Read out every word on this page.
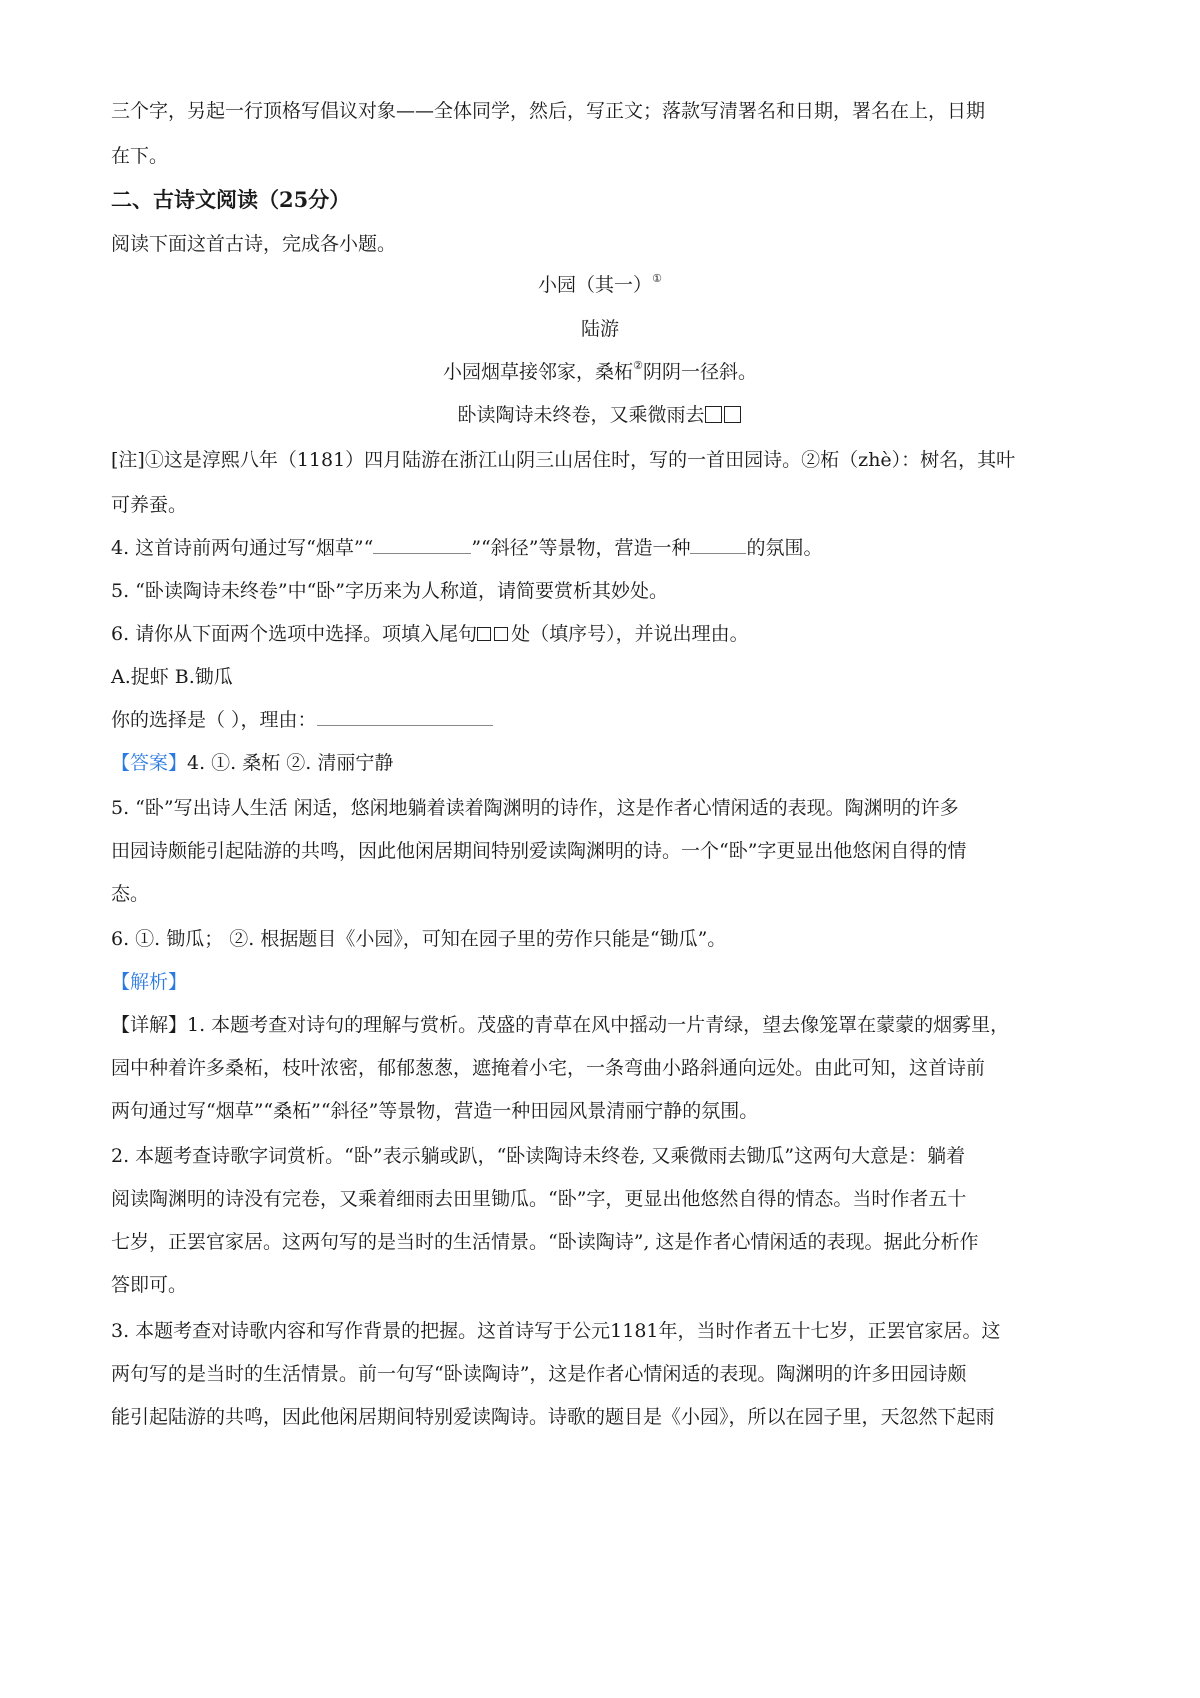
三个字，另起一行顶格写倡议对象——全体同学，然后，写正文；落款写清署名和日期，署名在上，日期
在下。
二、古诗文阅读（25分）
阅读下面这首古诗，完成各小题。
小园（其一）①
陆游
小园烟草接邻家，桑柘②阴阴一径斜。
卧读陶诗未终卷，又乘微雨去
[注]①这是淳熙八年（1181）四月陆游在浙江山阴三山居住时，写的一首田园诗。②柘（zhè）：树名，其叶
可养蚕。
4. 这首诗前两句通过写“烟草”“	”“斜径”等景物，营造一种	的氛围。
5. “卧读陶诗未终卷”中“卧”字历来为人称道，请简要赏析其妙处。
6. 请你从下面两个选项中选择。项填入尾句 处（填序号），并说出理由。
A.捉虾 B.锄瓜
你的选择是（ ），理由：
【答案】4. ①. 桑柘 ②. 清丽宁静
5. “卧”写出诗人生活 闲适，悠闲地躺着读着陶渊明的诗作，这是作者心情闲适的表现。陶渊明的许多
田园诗颇能引起陆游的共鸣，因此他闲居期间特别爱读陶渊明的诗。一个“卧”字更显出他悠闲自得的情
态。
6. ①. 锄瓜； ②. 根据题目《小园》，可知在园子里的劳作只能是“锄瓜”。
【解析】
【详解】1. 本题考查对诗句的理解与赏析。茂盛的青草在风中摇动一片青绿，望去像笼罩在蒙蒙的烟雾里，
园中种着许多桑柘，枝叶浓密，郁郁葱葱，遮掩着小宅，一条弯曲小路斜通向远处。由此可知，这首诗前
两句通过写“烟草”“桑柘”“斜径”等景物，营造一种田园风景清丽宁静的氛围。
2. 本题考查诗歌字词赏析。“卧”表示躺或趴，“卧读陶诗未终卷, 又乘微雨去锄瓜”这两句大意是：躺着
阅读陶渊明的诗没有完卷，又乘着细雨去田里锄瓜。“卧”字，更显出他悠然自得的情态。当时作者五十
七岁，正罢官家居。这两句写的是当时的生活情景。“卧读陶诗”, 这是作者心情闲适的表现。据此分析作
答即可。
3. 本题考查对诗歌内容和写作背景的把握。这首诗写于公元1181年，当时作者五十七岁，正罢官家居。这
两句写的是当时的生活情景。前一句写“卧读陶诗”，这是作者心情闲适的表现。陶渊明的许多田园诗颇
能引起陆游的共鸣，因此他闲居期间特别爱读陶诗。诗歌的题目是《小园》，所以在园子里，天忽然下起雨
